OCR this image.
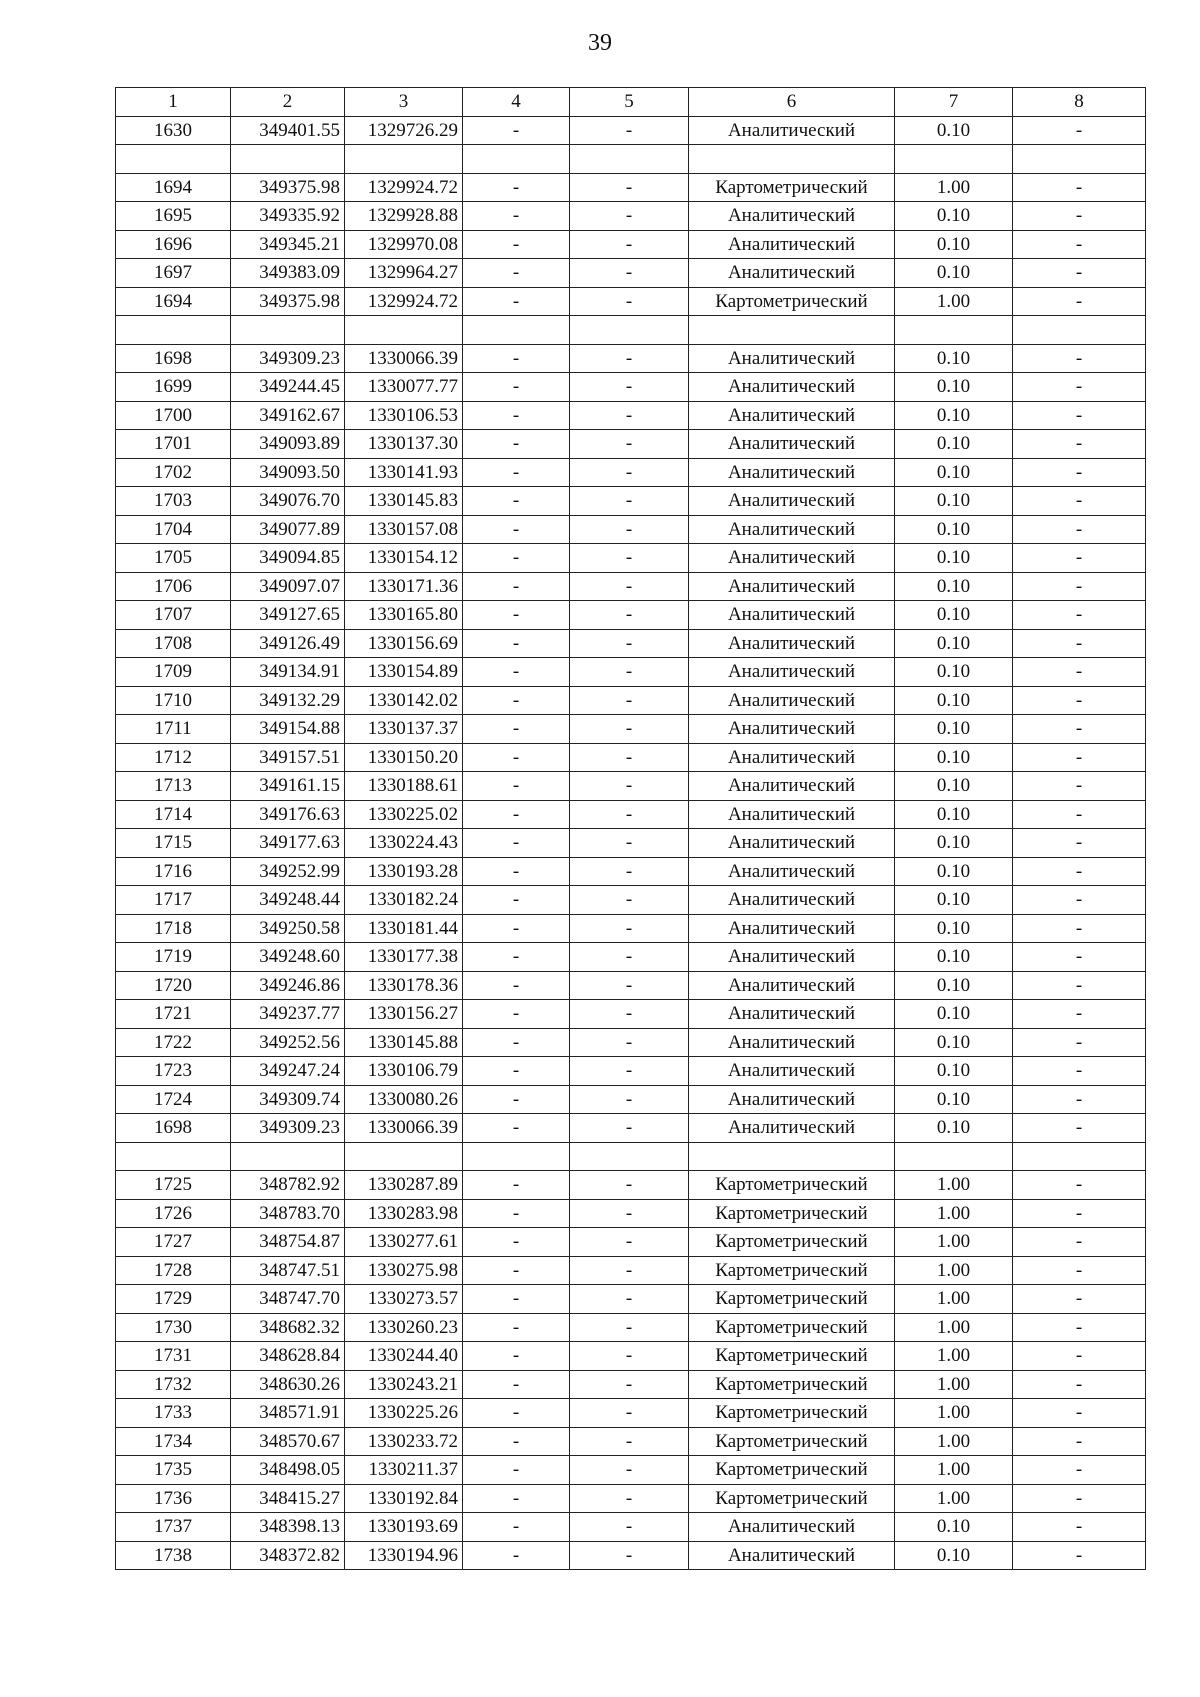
39
1	2	3	4	5	6	7	8
1630	349401.55	1329726.29	-	-	Аналитический	0.10	-

1694	349375.98	1329924.72	-	-	Картометрический	1.00	-
1695	349335.92	1329928.88	-	-	Аналитический	0.10	-
1696	349345.21	1329970.08	-	-	Аналитический	0.10	-
1697	349383.09	1329964.27	-	-	Аналитический	0.10	-
1694	349375.98	1329924.72	-	-	Картометрический	1.00	-

1698	349309.23	1330066.39	-	-	Аналитический	0.10	-
1699	349244.45	1330077.77	-	-	Аналитический	0.10	-
1700	349162.67	1330106.53	-	-	Аналитический	0.10	-
1701	349093.89	1330137.30	-	-	Аналитический	0.10	-
1702	349093.50	1330141.93	-	-	Аналитический	0.10	-
1703	349076.70	1330145.83	-	-	Аналитический	0.10	-
1704	349077.89	1330157.08	-	-	Аналитический	0.10	-
1705	349094.85	1330154.12	-	-	Аналитический	0.10	-
1706	349097.07	1330171.36	-	-	Аналитический	0.10	-
1707	349127.65	1330165.80	-	-	Аналитический	0.10	-
1708	349126.49	1330156.69	-	-	Аналитический	0.10	-
1709	349134.91	1330154.89	-	-	Аналитический	0.10	-
1710	349132.29	1330142.02	-	-	Аналитический	0.10	-
1711	349154.88	1330137.37	-	-	Аналитический	0.10	-
1712	349157.51	1330150.20	-	-	Аналитический	0.10	-
1713	349161.15	1330188.61	-	-	Аналитический	0.10	-
1714	349176.63	1330225.02	-	-	Аналитический	0.10	-
1715	349177.63	1330224.43	-	-	Аналитический	0.10	-
1716	349252.99	1330193.28	-	-	Аналитический	0.10	-
1717	349248.44	1330182.24	-	-	Аналитический	0.10	-
1718	349250.58	1330181.44	-	-	Аналитический	0.10	-
1719	349248.60	1330177.38	-	-	Аналитический	0.10	-
1720	349246.86	1330178.36	-	-	Аналитический	0.10	-
1721	349237.77	1330156.27	-	-	Аналитический	0.10	-
1722	349252.56	1330145.88	-	-	Аналитический	0.10	-
1723	349247.24	1330106.79	-	-	Аналитический	0.10	-
1724	349309.74	1330080.26	-	-	Аналитический	0.10	-
1698	349309.23	1330066.39	-	-	Аналитический	0.10	-

1725	348782.92	1330287.89	-	-	Картометрический	1.00	-
1726	348783.70	1330283.98	-	-	Картометрический	1.00	-
1727	348754.87	1330277.61	-	-	Картометрический	1.00	-
1728	348747.51	1330275.98	-	-	Картометрический	1.00	-
1729	348747.70	1330273.57	-	-	Картометрический	1.00	-
1730	348682.32	1330260.23	-	-	Картометрический	1.00	-
1731	348628.84	1330244.40	-	-	Картометрический	1.00	-
1732	348630.26	1330243.21	-	-	Картометрический	1.00	-
1733	348571.91	1330225.26	-	-	Картометрический	1.00	-
1734	348570.67	1330233.72	-	-	Картометрический	1.00	-
1735	348498.05	1330211.37	-	-	Картометрический	1.00	-
1736	348415.27	1330192.84	-	-	Картометрический	1.00	-
1737	348398.13	1330193.69	-	-	Аналитический	0.10	-
1738	348372.82	1330194.96	-	-	Аналитический	0.10	-
